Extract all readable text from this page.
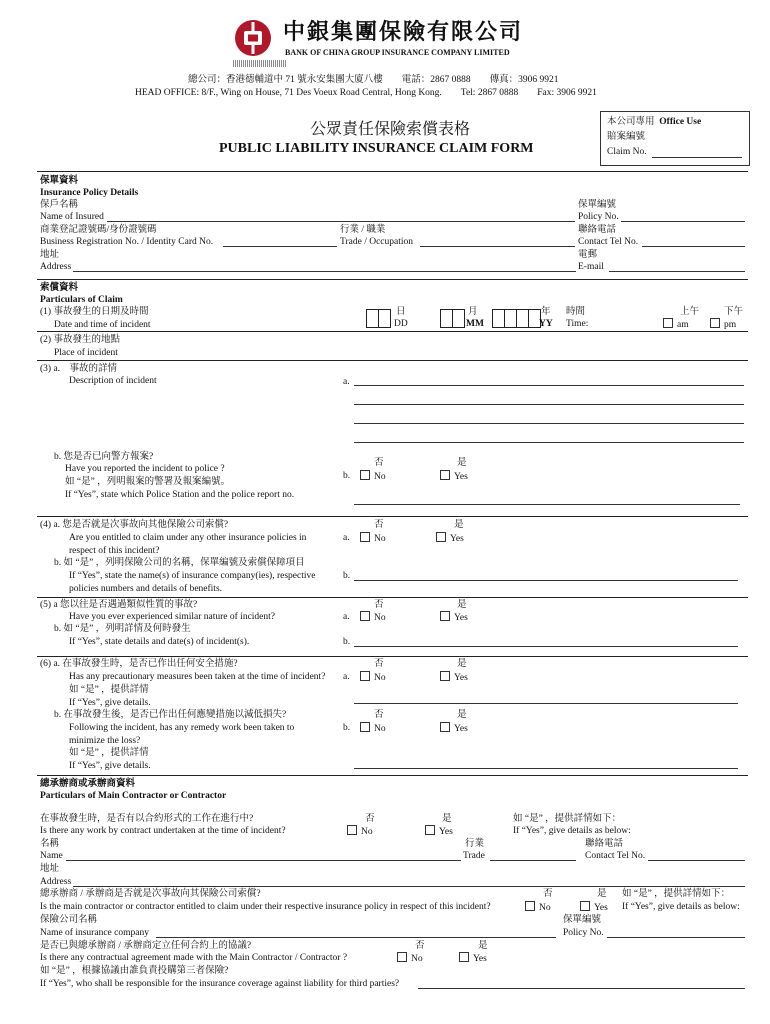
中銀集團保險有限公司
BANK OF CHINA GROUP INSURANCE COMPANY LIMITED
總公司：香港德輔道中 71 號永安集團大廈八樓　　電話：2867 0888　　傳真：3906 9921
HEAD OFFICE: 8/F., Wing on House, 71 Des Voeux Road Central, Hong Kong.　　Tel: 2867 0888　　Fax: 3906 9921
公眾責任保險索償表格
PUBLIC LIABILITY INSURANCE CLAIM FORM
本公司專用 Office Use
賠案編號
Claim No.
保單資料
Insurance Policy Details
保戶名稱
Name of Insured
保單編號
Policy No.
商業登記證號碼/身份證號碼
Business Registration No. / Identity Card No.
行業 / 職業
Trade / Occupation
聯絡電話
Contact Tel No.
地址
Address
電郵
E-mail
索償資料
Particulars of Claim
(1) 事故發生的日期及時間
Date and time of incident
日
DD
月
MM
年
YY
時間
Time:
上午	下午
am	pm
(2) 事故發生的地點
Place of incident
(3) a.　事故的詳情
Description of incident	a.
b. 您是否已向警方報案?
Have you reported the incident to police ?
如 “是” ，列明報案的警署及報案編號。
If “Yes”, state which Police Station and the police report no.
否	是
b.	No	Yes
(4) a. 您是否就是次事故向其他保險公司索償?
Are you entitled to claim under any other insurance policies in
respect of this incident?
否	是
a.	No	Yes
b. 如 “是” ，列明保險公司的名稱，保單編號及索償保障項目
If “Yes”, state the name(s) of insurance company(ies), respective
policies numbers and details of benefits.
b.
(5) a 您以往是否遇過類似性質的事故?
Have you ever experienced similar nature of incident?
否	是
a.	No	Yes
b. 如 “是” ，列明詳情及何時發生
If “Yes”, state details and date(s) of incident(s).	b.
(6) a. 在事故發生時，是否已作出任何安全措施?
Has any precautionary measures been taken at the time of incident?
如 “是” ，提供詳情
If “Yes”, give details.
否	是
a.	No	Yes
b. 在事故發生後，是否已作出任何應變措施以減低損失?
Following the incident, has any remedy work been taken to
minimize the loss?
如 “是” ，提供詳情
If “Yes”, give details.
否	是
b.	No	Yes
總承辦商或承辦商資料
Particulars of Main Contractor or Contractor
在事故發生時，是否有以合約形式的工作在進行中?
Is there any work by contract undertaken at the time of incident?
否	是
No	Yes
如 “是” ，提供詳情如下：
If “Yes”, give details as below:
名稱
Name
行業
Trade
聯絡電話
Contact Tel No.
地址
Address
總承辦商 / 承辦商是否就是次事故向其保險公司索償?
Is the main contractor or contractor entitled to claim under their respective insurance policy in respect of this incident?
否	是
No	Yes
如 “是” ，提供詳情如下：
If “Yes”, give details as below:
保險公司名稱
Name of insurance company
保單編號
Policy No.
是否已與總承辦商 / 承辦商定立任何合約上的協議?
Is there any contractual agreement made with the Main Contractor / Contractor ?
否	是
No	Yes
如 “是” ，根據協議由誰負責投購第三者保險?
If “Yes”, who shall be responsible for the insurance coverage against liability for third parties?
